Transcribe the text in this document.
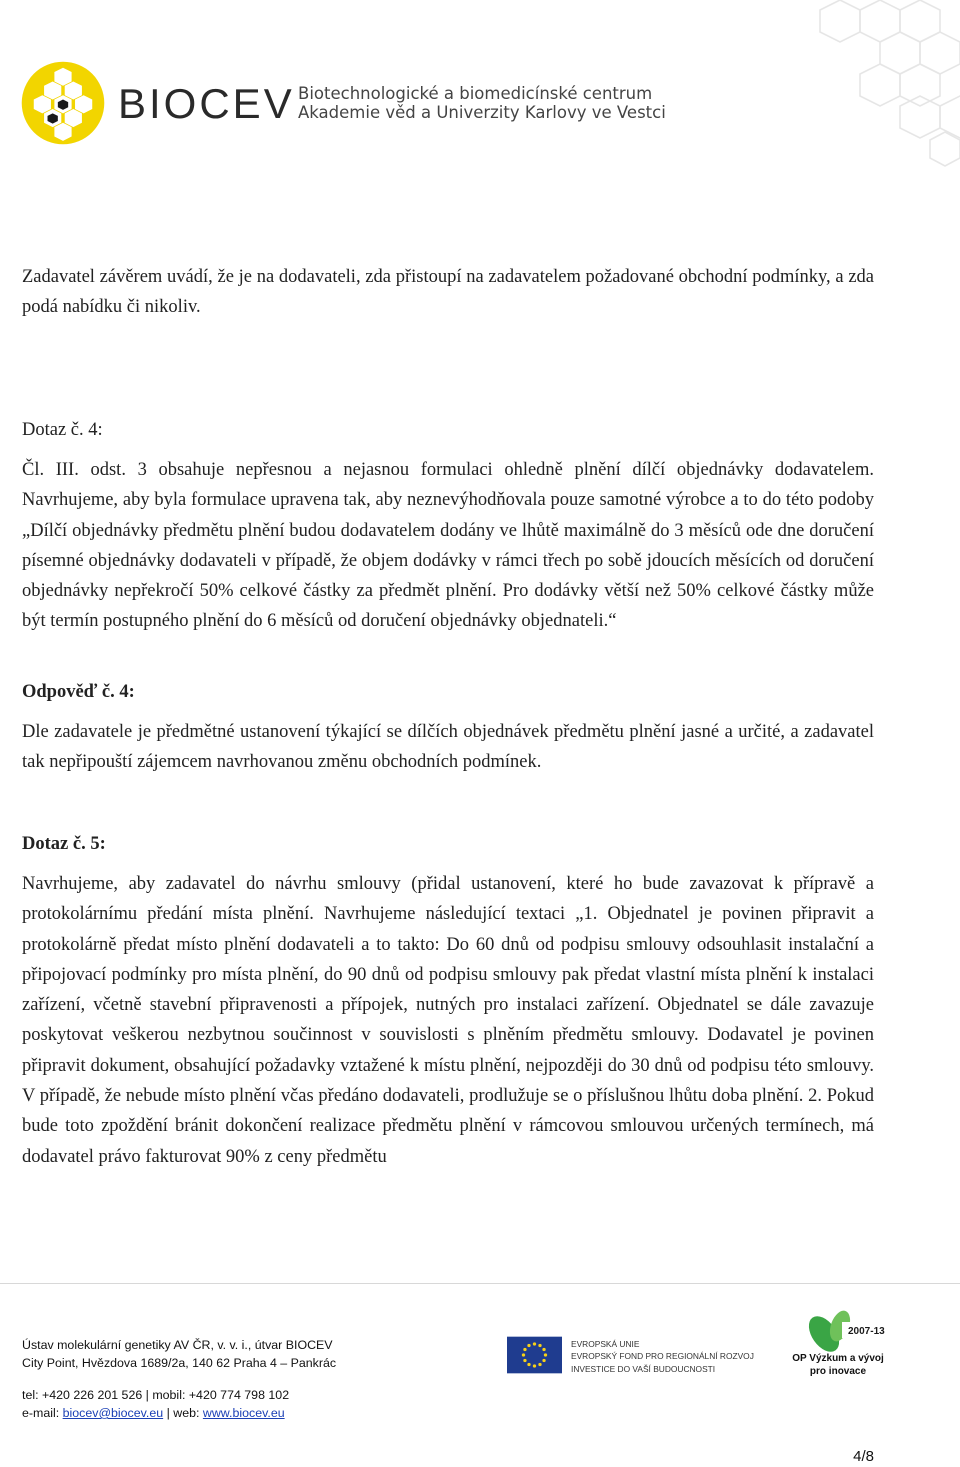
BIOCEV Biotechnologické a biomedicínské centrum
Akademie věd a Univerzity Karlovy ve Vestci

Zadavatel závěrem uvádí, že je na dodavateli, zda přistoupí na zadavatelem požadované obchodní podmínky, a zda podá nabídku či nikoliv.

Dotaz č. 4:

Čl. III. odst. 3 obsahuje nepřesnou a nejasnou formulaci ohledně plnění dílčí objednávky dodavatelem. Navrhujeme, aby byla formulace upravena tak, aby neznevýhodňovala pouze samotné výrobce a to do této podoby „Dílčí objednávky předmětu plnění budou dodavatelem dodány ve lhůtě maximálně do 3 měsíců ode dne doručení písemné objednávky dodavateli v případě, že objem dodávky v rámci třech po sobě jdoucích měsících od doručení objednávky nepřekročí 50% celkové částky za předmět plnění. Pro dodávky větší než 50% celkové částky může být termín postupného plnění do 6 měsíců od doručení objednávky objednateli.“

Odpověď č. 4:

Dle zadavatele je předmětné ustanovení týkající se dílčích objednávek předmětu plnění jasné a určité, a zadavatel tak nepřipouští zájemcem navrhovanou změnu obchodních podmínek.

Dotaz č. 5:

Navrhujeme, aby zadavatel do návrhu smlouvy (přidal ustanovení, které ho bude zavazovat k přípravě a protokolárnímu předání místa plnění. Navrhujeme následující textaci „1. Objednatel je povinen připravit a protokolárně předat místo plnění dodavateli a to takto: Do 60 dnů od podpisu smlouvy odsouhlasit instalační a připojovací podmínky pro místa plnění, do 90 dnů od podpisu smlouvy pak předat vlastní místa plnění k instalaci zařízení, včetně stavební připravenosti a přípojek, nutných pro instalaci zařízení. Objednatel se dále zavazuje poskytovat veškerou nezbytnou součinnost v souvislosti s plněním předmětu smlouvy. Dodavatel je povinen připravit dokument, obsahující požadavky vztažené k místu plnění, nejpozději do 30 dnů od podpisu této smlouvy. V případě, že nebude místo plnění včas předáno dodavateli, prodlužuje se o příslušnou lhůtu doba plnění. 2. Pokud bude toto zpoždění bránit dokončení realizace předmětu plnění v rámcovou smlouvou určených termínech, má dodavatel právo fakturovat 90% z ceny předmětu

Ústav molekulární genetiky AV ČR, v. v. i., útvar BIOCEV
City Point, Hvězdova 1689/2a, 140 62 Praha 4 – Pankrác
tel: +420 226 201 526 | mobil: +420 774 798 102
e-mail: biocev@biocev.eu | web: www.biocev.eu
EVROPSKÁ UNIE
EVROPSKÝ FOND PRO REGIONÁLNÍ ROZVOJ
INVESTICE DO VAŠÍ BUDOUCNOSTI
2007-13
OP Výzkum a vývoj
pro inovace
4/8
